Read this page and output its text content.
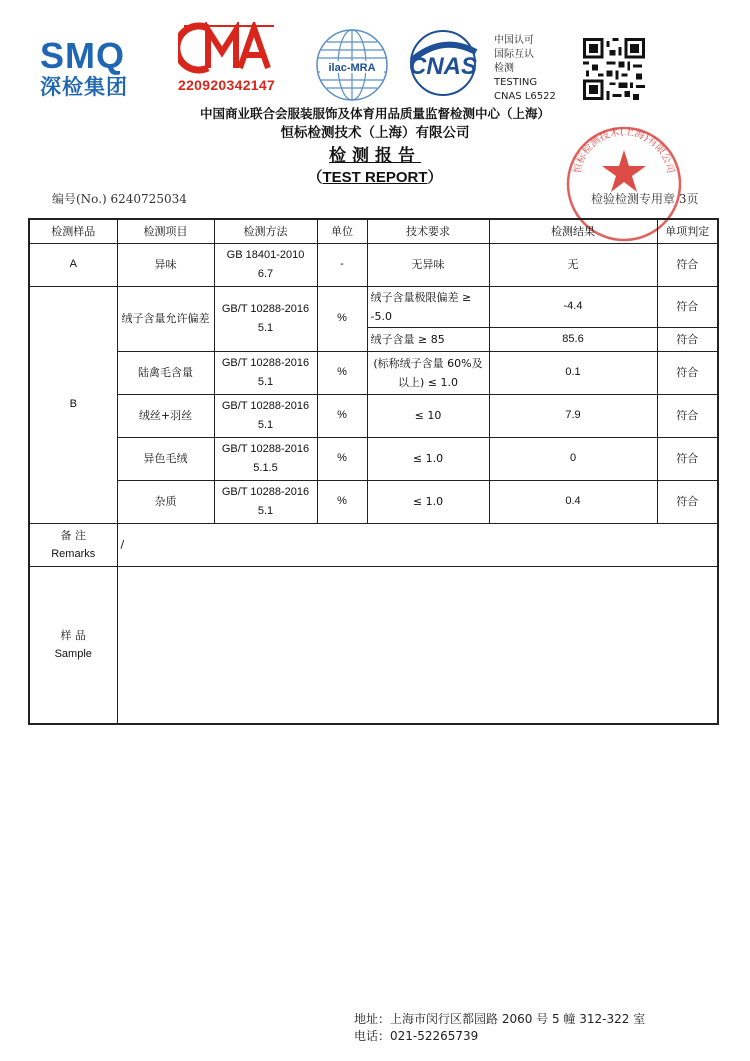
SMQ
深检集团	220920342147
ilac-MRA CNAS
中国认可
国际互认
检测
TESTING
CNAS L6522
中国商业联合会服装服饰及体育用品质量监督检测中心（上海）
恒标检测技术（上海）有限公司
检测报告
（TEST REPORT）
编号(No.) 6240725034
恒标检测技术(上海)有限公司
检验检测专用章 3页
检测样品	检测项目	检测方法	单位	技术要求	检测结果	单项判定
A	异味	GB 18401-2010 6.7	-	无异味	无	符合
B	绒子含量允许偏差	GB/T 10288-2016 5.1	%	绒子含量极限偏差 ≥ -5.0	-4.4	符合
				绒子含量 ≥ 85	85.6	符合
	陆禽毛含量	GB/T 10288-2016 5.1	%	(标称绒子含量 60%及以上) ≤ 1.0	0.1	符合
	绒丝+羽丝	GB/T 10288-2016 5.1	%	≤ 10	7.9	符合
	异色毛绒	GB/T 10288-2016 5.1.5	%	≤ 1.0	0	符合
	杂质	GB/T 10288-2016 5.1	%	≤ 1.0	0.4	符合

备 注
Remarks	/					

样 品
Sample						

地址：上海市闵行区都园路 2060 号 5 幢 312-322 室
电话：021-52265739
